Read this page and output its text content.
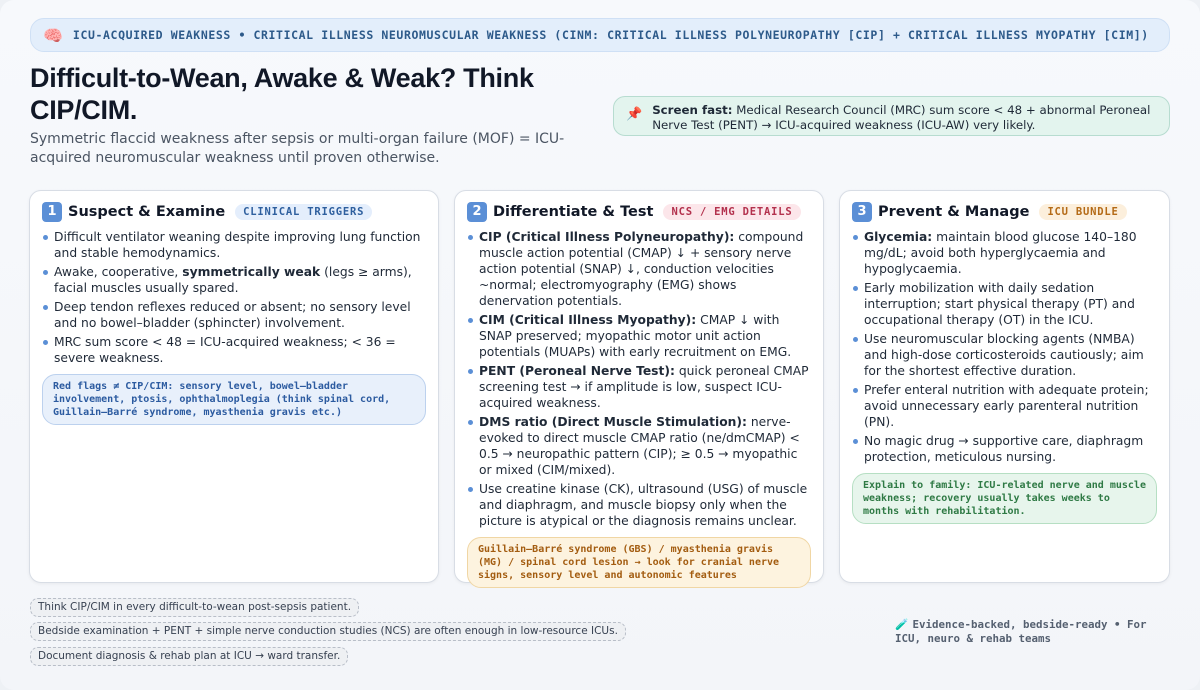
🧠 ICU-ACQUIRED WEAKNESS • CRITICAL ILLNESS NEUROMUSCULAR WEAKNESS (CINM: CRITICAL ILLNESS POLYNEUROPATHY [CIP] + CRITICAL ILLNESS MYOPATHY [CIM])
Difficult-to-Wean, Awake & Weak? Think CIP/CIM.
Symmetric flaccid weakness after sepsis or multi-organ failure (MOF) = ICU-acquired neuromuscular weakness until proven otherwise.
📌 Screen fast: Medical Research Council (MRC) sum score < 48 + abnormal Peroneal Nerve Test (PENT) → ICU-acquired weakness (ICU-AW) very likely.
1 Suspect & Examine	CLINICAL TRIGGERS
Difficult ventilator weaning despite improving lung function and stable hemodynamics.
Awake, cooperative, symmetrically weak (legs ≥ arms), facial muscles usually spared.
Deep tendon reflexes reduced or absent; no sensory level and no bowel–bladder (sphincter) involvement.
MRC sum score < 48 = ICU-acquired weakness; < 36 = severe weakness.
Red flags ≠ CIP/CIM: sensory level, bowel–bladder involvement, ptosis, ophthalmoplegia (think spinal cord, Guillain–Barré syndrome, myasthenia gravis etc.)
2 Differentiate & Test	NCS / EMG DETAILS
CIP (Critical Illness Polyneuropathy): compound muscle action potential (CMAP) ↓ + sensory nerve action potential (SNAP) ↓, conduction velocities ~normal; electromyography (EMG) shows denervation potentials.
CIM (Critical Illness Myopathy): CMAP ↓ with SNAP preserved; myopathic motor unit action potentials (MUAPs) with early recruitment on EMG.
PENT (Peroneal Nerve Test): quick peroneal CMAP screening test → if amplitude is low, suspect ICU-acquired weakness.
DMS ratio (Direct Muscle Stimulation): nerve-evoked to direct muscle CMAP ratio (ne/dmCMAP) < 0.5 → neuropathic pattern (CIP); ≥ 0.5 → myopathic or mixed (CIM/mixed).
Use creatine kinase (CK), ultrasound (USG) of muscle and diaphragm, and muscle biopsy only when the picture is atypical or the diagnosis remains unclear.
Guillain–Barré syndrome (GBS) / myasthenia gravis (MG) / spinal cord lesion → look for cranial nerve signs, sensory level and autonomic features
3 Prevent & Manage	ICU BUNDLE
Glycemia: maintain blood glucose 140–180 mg/dL; avoid both hyperglycaemia and hypoglycaemia.
Early mobilization with daily sedation interruption; start physical therapy (PT) and occupational therapy (OT) in the ICU.
Use neuromuscular blocking agents (NMBA) and high-dose corticosteroids cautiously; aim for the shortest effective duration.
Prefer enteral nutrition with adequate protein; avoid unnecessary early parenteral nutrition (PN).
No magic drug → supportive care, diaphragm protection, meticulous nursing.
Explain to family: ICU-related nerve and muscle weakness; recovery usually takes weeks to months with rehabilitation.
Think CIP/CIM in every difficult-to-wean post-sepsis patient.
Bedside examination + PENT + simple nerve conduction studies (NCS) are often enough in low-resource ICUs.
Document diagnosis & rehab plan at ICU → ward transfer.
🧪 Evidence-backed, bedside-ready • For ICU, neuro & rehab teams
